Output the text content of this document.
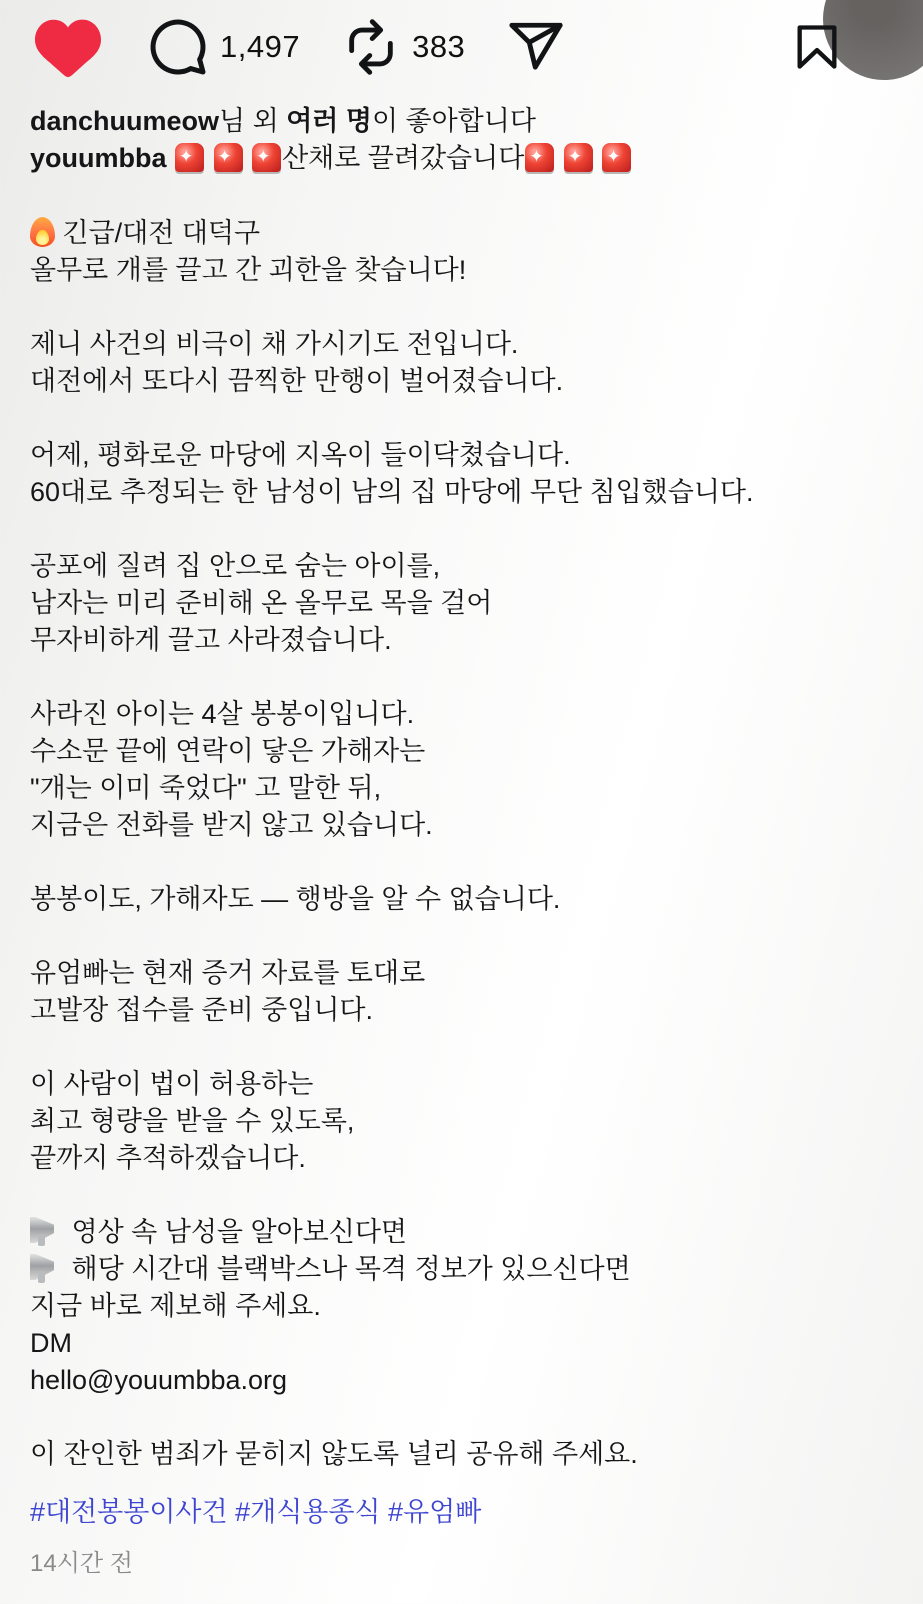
1,497	383
danchuumeow님 외 여러 명이 좋아합니다
youumbba ✦ ✦ ✦	산채로 끌려갔습니다✦  ✦  ✦
긴급/대전 대덕구
올무로 개를 끌고 간 괴한을 찾습니다!
제니 사건의 비극이 채 가시기도 전입니다.
대전에서 또다시 끔찍한 만행이 벌어졌습니다.
어제, 평화로운 마당에 지옥이 들이닥쳤습니다.
60대로 추정되는 한 남성이 남의 집 마당에 무단 침입했습니다.
공포에 질려 집 안으로 숨는 아이를,
남자는 미리 준비해 온 올무로 목을 걸어
무자비하게 끌고 사라졌습니다.
사라진 아이는 4살 봉봉이입니다.
수소문 끝에 연락이 닿은 가해자는
"개는 이미 죽었다" 고 말한 뒤,
지금은 전화를 받지 않고 있습니다.
봉봉이도, 가해자도 — 행방을 알 수 없습니다.
유엄빠는 현재 증거 자료를 토대로
고발장 접수를 준비 중입니다.
이 사람이 법이 허용하는
최고 형량을 받을 수 있도록,
끝까지 추적하겠습니다.
영상 속 남성을 알아보신다면
해당 시간대 블랙박스나 목격 정보가 있으신다면
지금 바로 제보해 주세요.
DM
hello@youumbba.org
이 잔인한 범죄가 묻히지 않도록 널리 공유해 주세요.
#대전봉봉이사건 #개식용종식 #유엄빠
14시간 전
